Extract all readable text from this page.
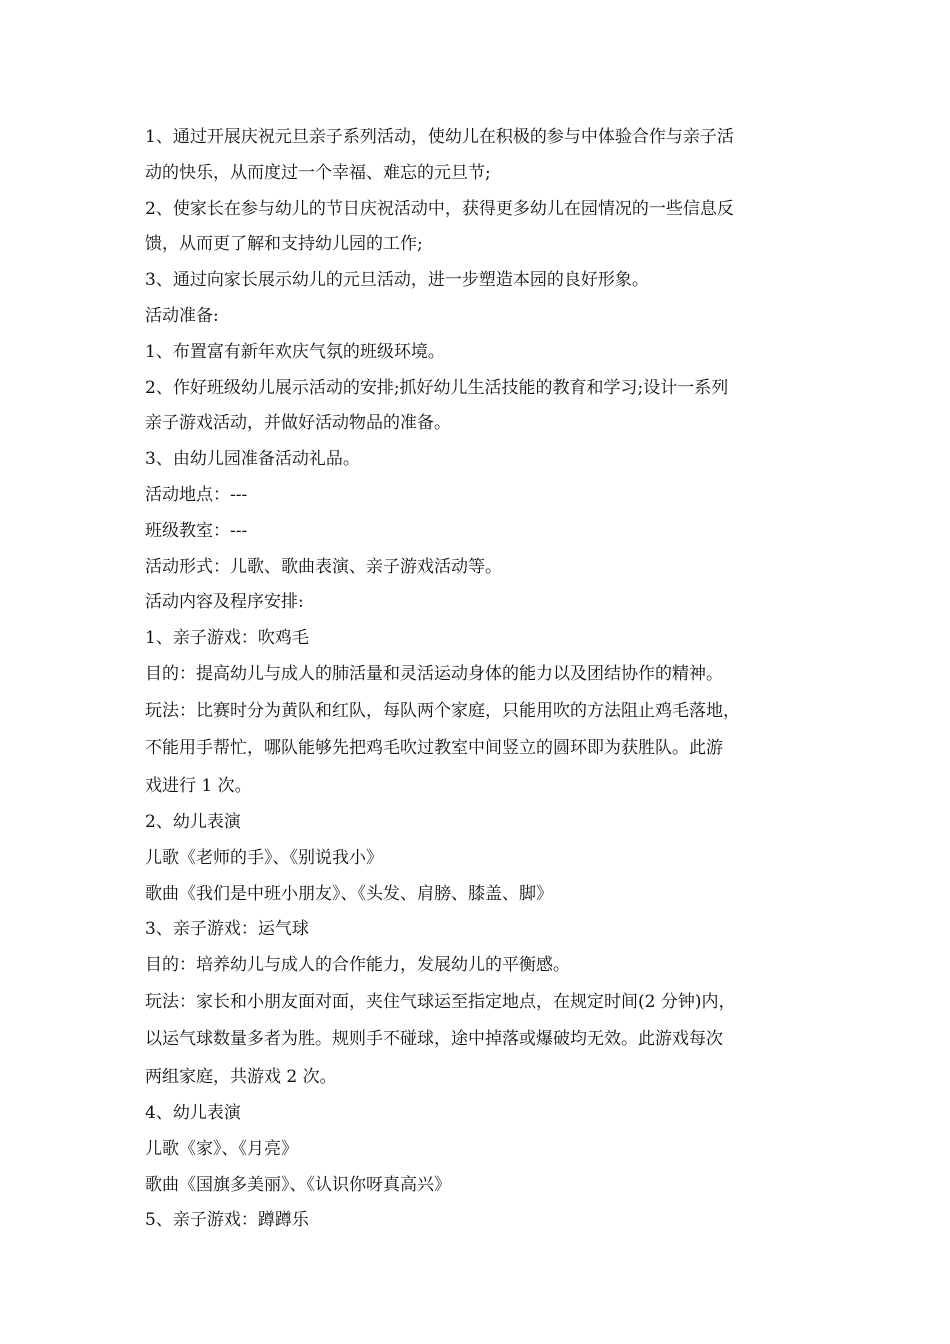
1、通过开展庆祝元旦亲子系列活动，使幼儿在积极的参与中体验合作与亲子活
动的快乐，从而度过一个幸福、难忘的元旦节;
2、使家长在参与幼儿的节日庆祝活动中，获得更多幼儿在园情况的一些信息反
馈，从而更了解和支持幼儿园的工作;
3、通过向家长展示幼儿的元旦活动，进一步塑造本园的良好形象。
活动准备:
1、布置富有新年欢庆气氛的班级环境。
2、作好班级幼儿展示活动的安排;抓好幼儿生活技能的教育和学习;设计一系列
亲子游戏活动，并做好活动物品的准备。
3、由幼儿园准备活动礼品。
活动地点：---
班级教室：---
活动形式：儿歌、歌曲表演、亲子游戏活动等。
活动内容及程序安排:
1、亲子游戏：吹鸡毛
目的：提高幼儿与成人的肺活量和灵活运动身体的能力以及团结协作的精神。
玩法：比赛时分为黄队和红队，每队两个家庭，只能用吹的方法阻止鸡毛落地，
不能用手帮忙，哪队能够先把鸡毛吹过教室中间竖立的圆环即为获胜队。此游
戏进行 1 次。
2、幼儿表演
儿歌《老师的手》、《别说我小》
歌曲《我们是中班小朋友》、《头发、肩膀、膝盖、脚》
3、亲子游戏：运气球
目的：培养幼儿与成人的合作能力，发展幼儿的平衡感。
玩法：家长和小朋友面对面，夹住气球运至指定地点，在规定时间(2 分钟)内，
以运气球数量多者为胜。规则手不碰球，途中掉落或爆破均无效。此游戏每次
两组家庭，共游戏 2 次。
4、幼儿表演
儿歌《家》、《月亮》
歌曲《国旗多美丽》、《认识你呀真高兴》
5、亲子游戏：蹲蹲乐
